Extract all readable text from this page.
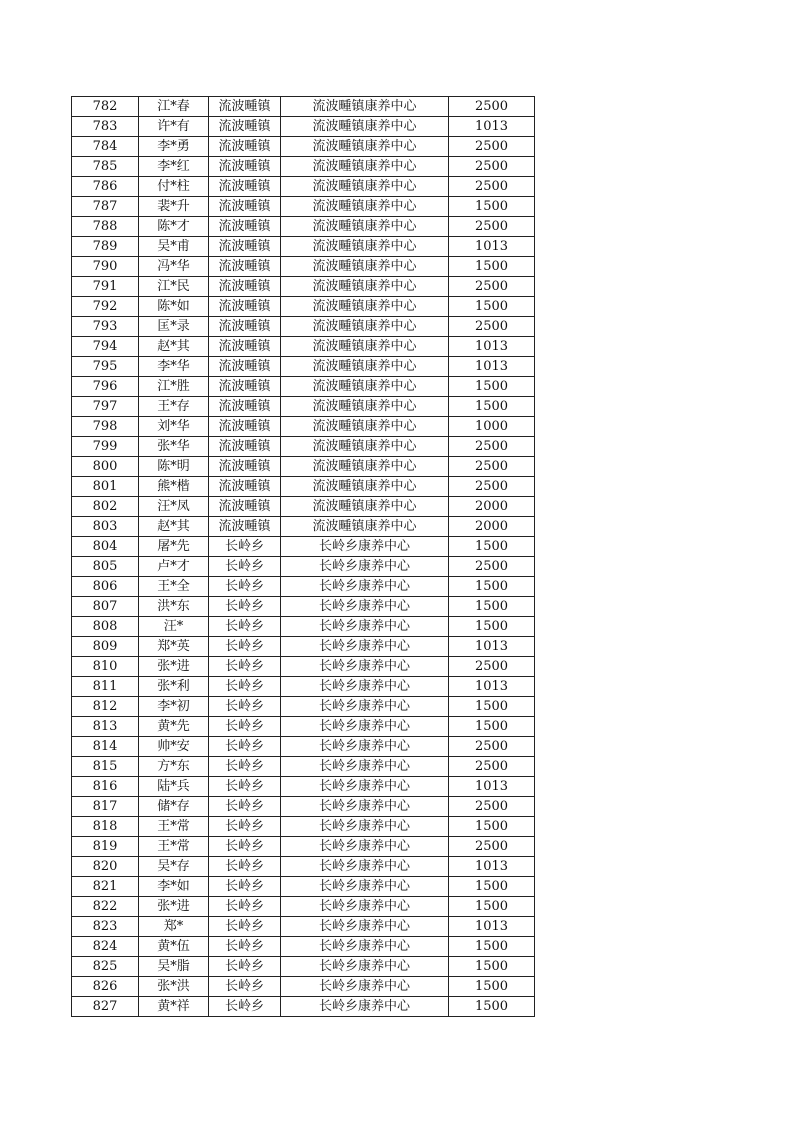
782	江*春	流波畽镇	流波畽镇康养中心	2500
783	许*有	流波畽镇	流波畽镇康养中心	1013
784	李*勇	流波畽镇	流波畽镇康养中心	2500
785	李*红	流波畽镇	流波畽镇康养中心	2500
786	付*柱	流波畽镇	流波畽镇康养中心	2500
787	裴*升	流波畽镇	流波畽镇康养中心	1500
788	陈*才	流波畽镇	流波畽镇康养中心	2500
789	吴*甫	流波畽镇	流波畽镇康养中心	1013
790	冯*华	流波畽镇	流波畽镇康养中心	1500
791	江*民	流波畽镇	流波畽镇康养中心	2500
792	陈*如	流波畽镇	流波畽镇康养中心	1500
793	匡*录	流波畽镇	流波畽镇康养中心	2500
794	赵*其	流波畽镇	流波畽镇康养中心	1013
795	李*华	流波畽镇	流波畽镇康养中心	1013
796	江*胜	流波畽镇	流波畽镇康养中心	1500
797	王*存	流波畽镇	流波畽镇康养中心	1500
798	刘*华	流波畽镇	流波畽镇康养中心	1000
799	张*华	流波畽镇	流波畽镇康养中心	2500
800	陈*明	流波畽镇	流波畽镇康养中心	2500
801	熊*楷	流波畽镇	流波畽镇康养中心	2500
802	汪*凤	流波畽镇	流波畽镇康养中心	2000
803	赵*其	流波畽镇	流波畽镇康养中心	2000
804	屠*先	长岭乡	长岭乡康养中心	1500
805	卢*才	长岭乡	长岭乡康养中心	2500
806	王*全	长岭乡	长岭乡康养中心	1500
807	洪*东	长岭乡	长岭乡康养中心	1500
808	汪*	长岭乡	长岭乡康养中心	1500
809	郑*英	长岭乡	长岭乡康养中心	1013
810	张*进	长岭乡	长岭乡康养中心	2500
811	张*利	长岭乡	长岭乡康养中心	1013
812	李*初	长岭乡	长岭乡康养中心	1500
813	黄*先	长岭乡	长岭乡康养中心	1500
814	帅*安	长岭乡	长岭乡康养中心	2500
815	方*东	长岭乡	长岭乡康养中心	2500
816	陆*兵	长岭乡	长岭乡康养中心	1013
817	储*存	长岭乡	长岭乡康养中心	2500
818	王*常	长岭乡	长岭乡康养中心	1500
819	王*常	长岭乡	长岭乡康养中心	2500
820	吴*存	长岭乡	长岭乡康养中心	1013
821	李*如	长岭乡	长岭乡康养中心	1500
822	张*进	长岭乡	长岭乡康养中心	1500
823	郑*	长岭乡	长岭乡康养中心	1013
824	黄*伍	长岭乡	长岭乡康养中心	1500
825	吴*脂	长岭乡	长岭乡康养中心	1500
826	张*洪	长岭乡	长岭乡康养中心	1500
827	黄*祥	长岭乡	长岭乡康养中心	1500
